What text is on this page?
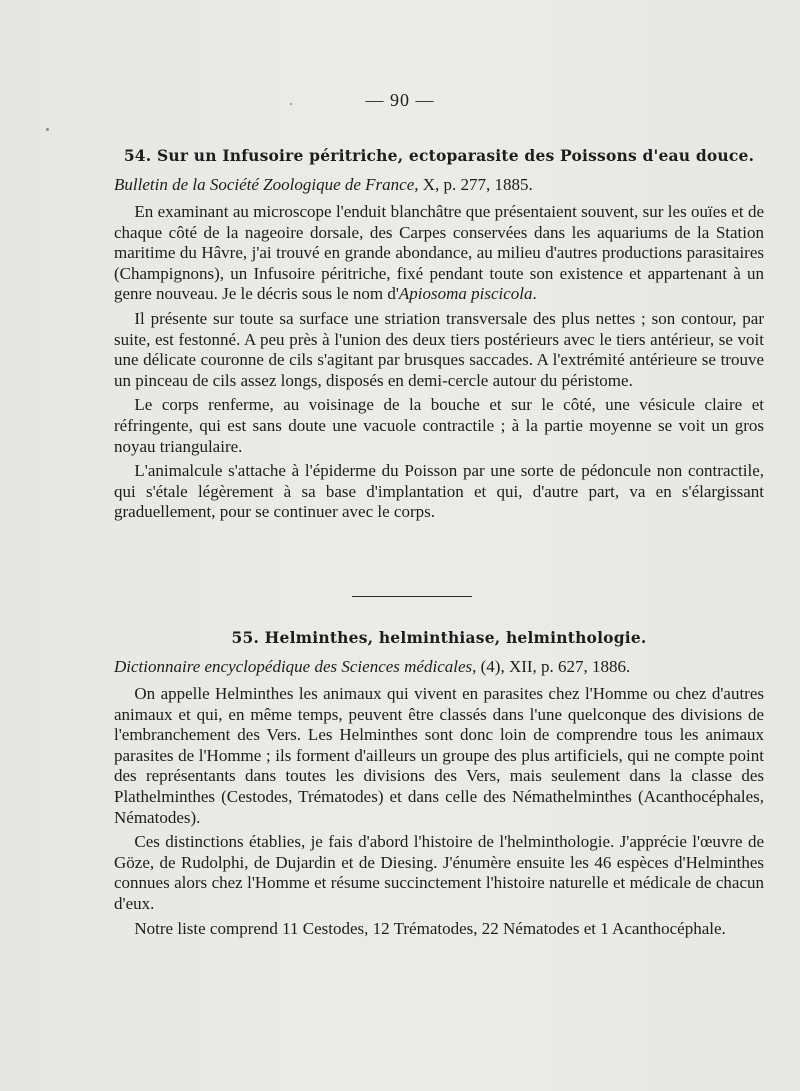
— 90 —
54. Sur un Infusoire péritriche, ectoparasite des Poissons d'eau douce.
Bulletin de la Société Zoologique de France, X, p. 277, 1885.

En examinant au microscope l'enduit blanchâtre que présentaient souvent, sur les ouïes et de chaque côté de la nageoire dorsale, des Carpes conservées dans les aquariums de la Station maritime du Hâvre, j'ai trouvé en grande abondance, au milieu d'autres productions parasitaires (Champignons), un Infusoire péritriche, fixé pendant toute son existence et appartenant à un genre nouveau. Je le décris sous le nom d'Apiosoma piscicola.

Il présente sur toute sa surface une striation transversale des plus nettes ; son contour, par suite, est festonné. A peu près à l'union des deux tiers postérieurs avec le tiers antérieur, se voit une délicate couronne de cils s'agitant par brusques saccades. A l'extrémité antérieure se trouve un pinceau de cils assez longs, disposés en demi-cercle autour du péristome.

Le corps renferme, au voisinage de la bouche et sur le côté, une vésicule claire et réfringente, qui est sans doute une vacuole contractile ; à la partie moyenne se voit un gros noyau triangulaire.

L'animalcule s'attache à l'épiderme du Poisson par une sorte de pédoncule non contractile, qui s'étale légèrement à sa base d'implantation et qui, d'autre part, va en s'élargissant graduellement, pour se continuer avec le corps.

55. Helminthes, helminthiase, helminthologie.
Dictionnaire encyclopédique des Sciences médicales, (4), XII, p. 627, 1886.

On appelle Helminthes les animaux qui vivent en parasites chez l'Homme ou chez d'autres animaux et qui, en même temps, peuvent être classés dans l'une quelconque des divisions de l'embranchement des Vers. Les Helminthes sont donc loin de comprendre tous les animaux parasites de l'Homme ; ils forment d'ailleurs un groupe des plus artificiels, qui ne compte point des représentants dans toutes les divisions des Vers, mais seulement dans la classe des Plathelminthes (Cestodes, Trématodes) et dans celle des Némathelminthes (Acanthocéphales, Nématodes).

Ces distinctions établies, je fais d'abord l'histoire de l'helminthologie. J'apprécie l'œuvre de Göze, de Rudolphi, de Dujardin et de Diesing. J'énumère ensuite les 46 espèces d'Helminthes connues alors chez l'Homme et résume succinctement l'histoire naturelle et médicale de chacun d'eux.

Notre liste comprend 11 Cestodes, 12 Trématodes, 22 Nématodes et 1 Acanthocéphale.
